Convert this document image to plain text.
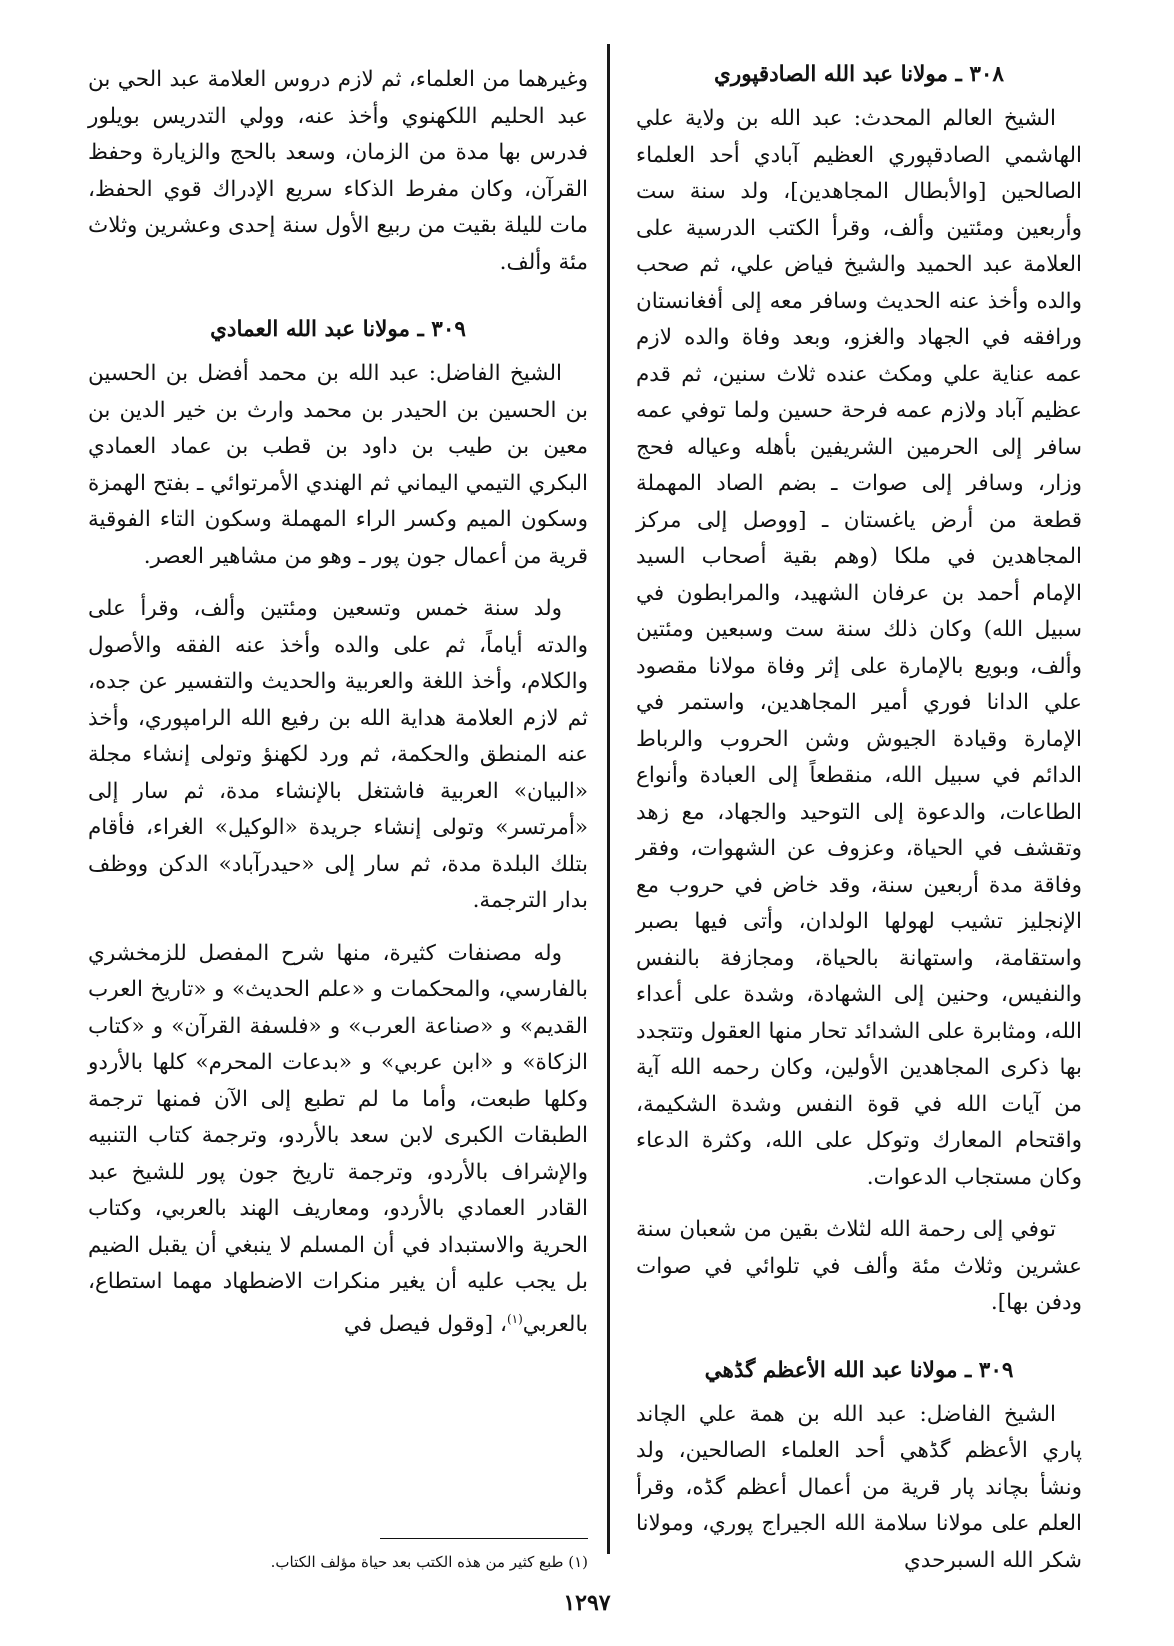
٣٠٨ ـ مولانا عبد الله الصادقپوري

الشيخ العالم المحدث: عبد الله بن ولاية علي الهاشمي الصادقپوري العظيم آبادي أحد العلماء الصالحين [والأبطال المجاهدين]، ولد سنة ست وأربعين ومئتين وألف، وقرأ الكتب الدرسية على العلامة عبد الحميد والشيخ فياض علي، ثم صحب والده وأخذ عنه الحديث وسافر معه إلى أفغانستان ورافقه في الجهاد والغزو، وبعد وفاة والده لازم عمه عناية علي ومكث عنده ثلاث سنين، ثم قدم عظيم آباد ولازم عمه فرحة حسين ولما توفي عمه سافر إلى الحرمين الشريفين بأهله وعياله فحج وزار، وسافر إلى صوات ـ بضم الصاد المهملة قطعة من أرض ياغستان ـ [ووصل إلى مركز المجاهدين في ملكا (وهم بقية أصحاب السيد الإمام أحمد بن عرفان الشهيد، والمرابطون في سبيل الله) وكان ذلك سنة ست وسبعين ومئتين وألف، وبويع بالإمارة على إثر وفاة مولانا مقصود علي الدانا فوري أمير المجاهدين، واستمر في الإمارة وقيادة الجيوش وشن الحروب والرباط الدائم في سبيل الله، منقطعاً إلى العبادة وأنواع الطاعات، والدعوة إلى التوحيد والجهاد، مع زهد وتقشف في الحياة، وعزوف عن الشهوات، وفقر وفاقة مدة أربعين سنة، وقد خاض في حروب مع الإنجليز تشيب لهولها الولدان، وأتى فيها بصبر واستقامة، واستهانة بالحياة، ومجازفة بالنفس والنفيس، وحنين إلى الشهادة، وشدة على أعداء الله، ومثابرة على الشدائد تحار منها العقول وتتجدد بها ذكرى المجاهدين الأولين، وكان رحمه الله آية من آيات الله في قوة النفس وشدة الشكيمة، واقتحام المعارك وتوكل على الله، وكثرة الدعاء وكان مستجاب الدعوات.

توفي إلى رحمة الله لثلاث بقين من شعبان سنة عشرين وثلاث مئة وألف في تلوائي في صوات ودفن بها].

٣٠٩ ـ مولانا عبد الله الأعظم گڈهي

الشيخ الفاضل: عبد الله بن همة علي الچاند پاري الأعظم گڈهي أحد العلماء الصالحين، ولد ونشأ بچاند پار قرية من أعمال أعظم گڈه، وقرأ العلم على مولانا سلامة الله الجيراج پوري، ومولانا شكر الله السبرحدي

وغيرهما من العلماء، ثم لازم دروس العلامة عبد الحي بن عبد الحليم اللكهنوي وأخذ عنه، وولي التدريس بويلور فدرس بها مدة من الزمان، وسعد بالحج والزيارة وحفظ القرآن، وكان مفرط الذكاء سريع الإدراك قوي الحفظ، مات لليلة بقيت من ربيع الأول سنة إحدى وعشرين وثلاث مئة وألف.

٣٠٩ ـ مولانا عبد الله العمادي

الشيخ الفاضل: عبد الله بن محمد أفضل بن الحسين بن الحسين بن الحيدر بن محمد وارث بن خير الدين بن معين بن طيب بن داود بن قطب بن عماد العمادي البكري التيمي اليماني ثم الهندي الأمرتوائي ـ بفتح الهمزة وسكون الميم وكسر الراء المهملة وسكون التاء الفوقية قرية من أعمال جون پور ـ وهو من مشاهير العصر.

ولد سنة خمس وتسعين ومئتين وألف، وقرأ على والدته أياماً، ثم على والده وأخذ عنه الفقه والأصول والكلام، وأخذ اللغة والعربية والحديث والتفسير عن جده، ثم لازم العلامة هداية الله بن رفيع الله الرامپوري، وأخذ عنه المنطق والحكمة، ثم ورد لكهنؤ وتولى إنشاء مجلة «البيان» العربية فاشتغل بالإنشاء مدة، ثم سار إلى «أمرتسر» وتولى إنشاء جريدة «الوكيل» الغراء، فأقام بتلك البلدة مدة، ثم سار إلى «حيدرآباد» الدكن ووظف بدار الترجمة.

وله مصنفات كثيرة، منها شرح المفصل للزمخشري بالفارسي، والمحكمات و «علم الحديث» و «تاريخ العرب القديم» و «صناعة العرب» و «فلسفة القرآن» و «كتاب الزكاة» و «ابن عربي» و «بدعات المحرم» كلها بالأردو وكلها طبعت، وأما ما لم تطبع إلى الآن فمنها ترجمة الطبقات الكبرى لابن سعد بالأردو، وترجمة كتاب التنبيه والإشراف بالأردو، وترجمة تاريخ جون پور للشيخ عبد القادر العمادي بالأردو، ومعاريف الهند بالعربي، وكتاب الحرية والاستبداد في أن المسلم لا ينبغي أن يقبل الضيم بل يجب عليه أن يغير منكرات الاضطهاد مهما استطاع، بالعربي$^{(١)}$، [وقول فيصل في

(١) طبع كثير من هذه الكتب بعد حياة مؤلف الكتاب.
١٢٩٧
